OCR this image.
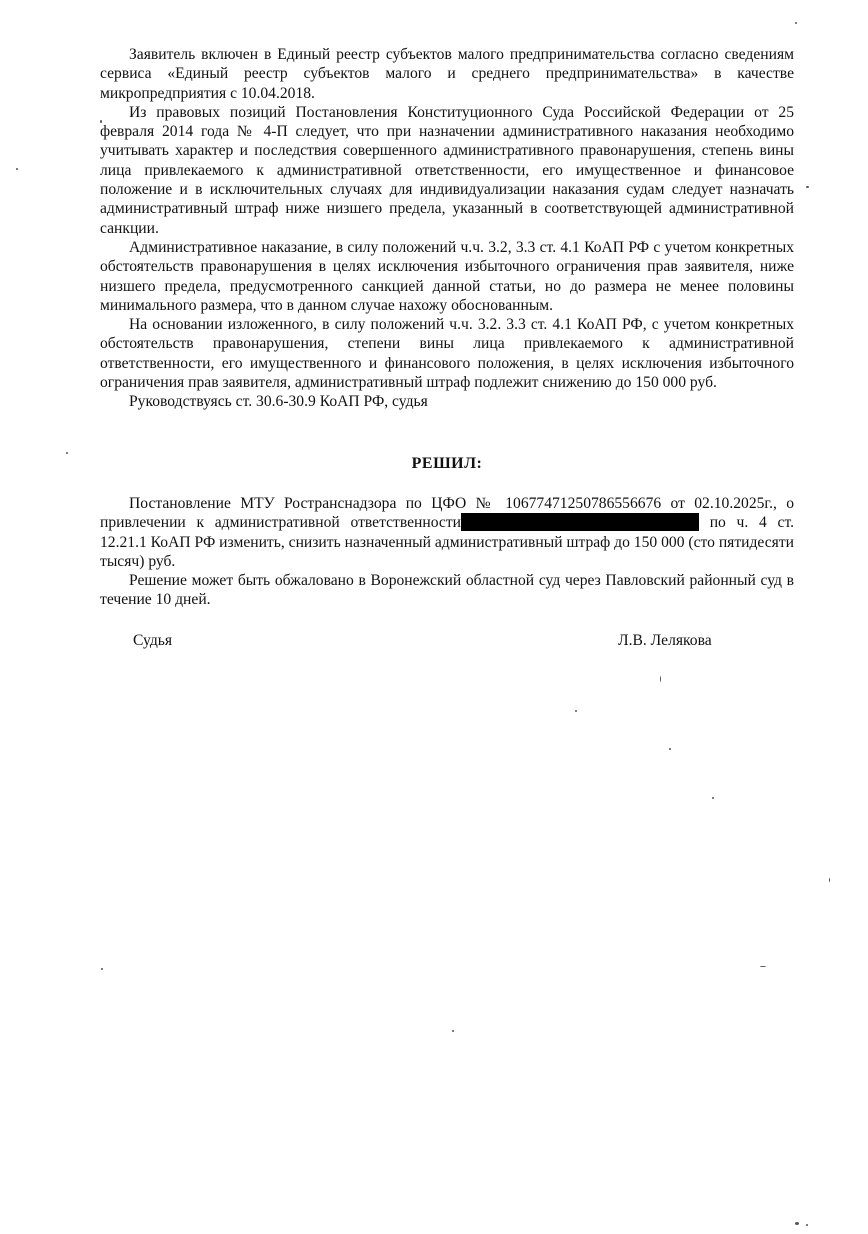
Заявитель включен в Единый реестр субъектов малого предпринимательства согласно сведениям сервиса «Единый реестр субъектов малого и среднего предпринимательства» в качестве микропредприятия с 10.04.2018.

Из правовых позиций Постановления Конституционного Суда Российской Федерации от 25 февраля 2014 года № 4-П следует, что при назначении административного наказания необходимо учитывать характер и последствия совершенного административного правонарушения, степень вины лица привлекаемого к административной ответственности, его имущественное и финансовое положение и в исключительных случаях для индивидуализации наказания судам следует назначать административный штраф ниже низшего предела, указанный в соответствующей административной санкции.

Административное наказание, в силу положений ч.ч. 3.2, 3.3 ст. 4.1 КоАП РФ с учетом конкретных обстоятельств правонарушения в целях исключения избыточного ограничения прав заявителя, ниже низшего предела, предусмотренного санкцией данной статьи, но до размера не менее половины минимального размера, что в данном случае нахожу обоснованным.

На основании изложенного, в силу положений ч.ч. 3.2. 3.3 ст. 4.1 КоАП РФ, с учетом конкретных обстоятельств правонарушения, степени вины лица привлекаемого к административной ответственности, его имущественного и финансового положения, в целях исключения избыточного ограничения прав заявителя, административный штраф подлежит снижению до 150 000 руб.

Руководствуясь ст. 30.6-30.9 КоАП РФ, судья

РЕШИЛ:

Постановление МТУ Ространснадзора по ЦФО № 10677471250786556676 от 02.10.2025г., о привлечении к административной ответственности	по ч. 4 ст. 12.21.1 КоАП РФ изменить, снизить назначенный административный штраф до 150 000 (сто пятидесяти тысяч) руб.

Решение может быть обжаловано в Воронежский областной суд через Павловский районный суд в течение 10 дней.

Судья	Л.В. Лелякова
